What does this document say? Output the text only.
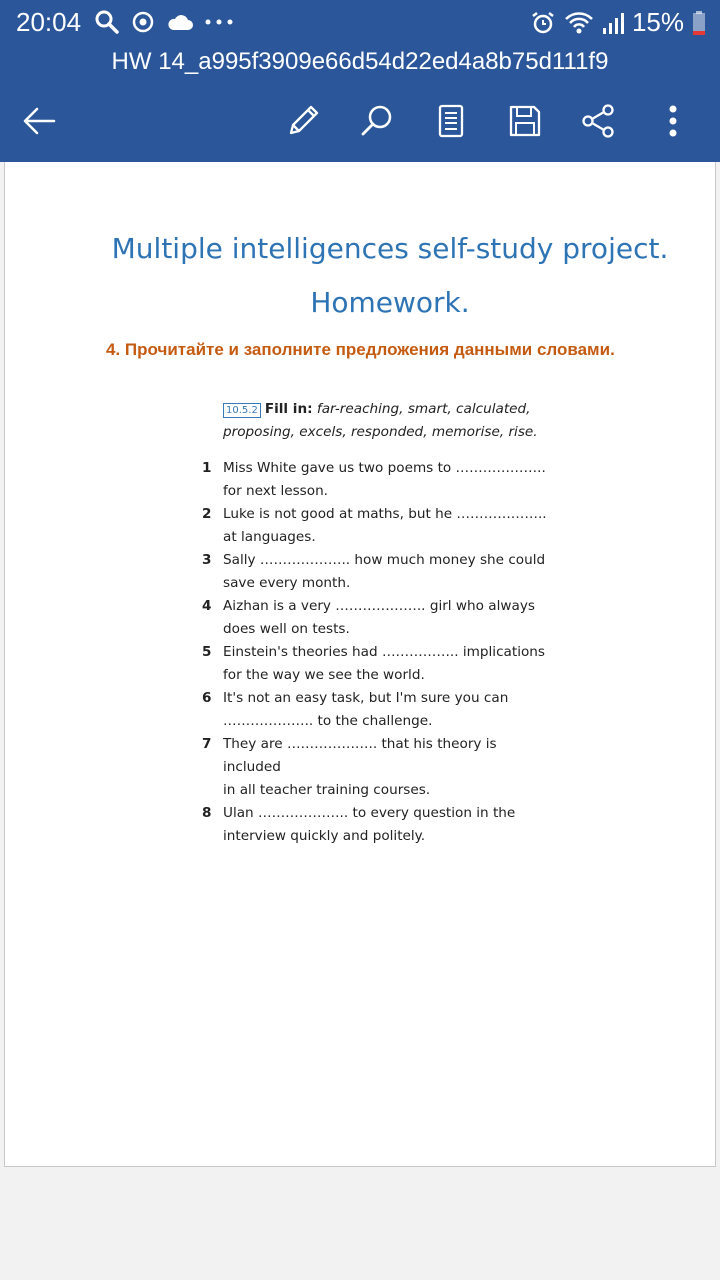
20:04	15%
HW 14_a995f3909e66d54d22ed4a8b75d111f9
Multiple intelligences self-study project.
Homework.
4. Прочитайте и заполните предложения данными словами.
10.5.2 Fill in: far-reaching, smart, calculated,
proposing, excels, responded, memorise, rise.
1 Miss White gave us two poems to ………………..
for next lesson.
2 Luke is not good at maths, but he ………………..
at languages.
3 Sally ……………….. how much money she could
save every month.
4 Aizhan is a very ……………….. girl who always
does well on tests.
5 Einstein's theories had …………….. implications
for the way we see the world.
6 It's not an easy task, but I'm sure you can
……………….. to the challenge.
7 They are ……………….. that his theory is included
in all teacher training courses.
8 Ulan ……………….. to every question in the
interview quickly and politely.
